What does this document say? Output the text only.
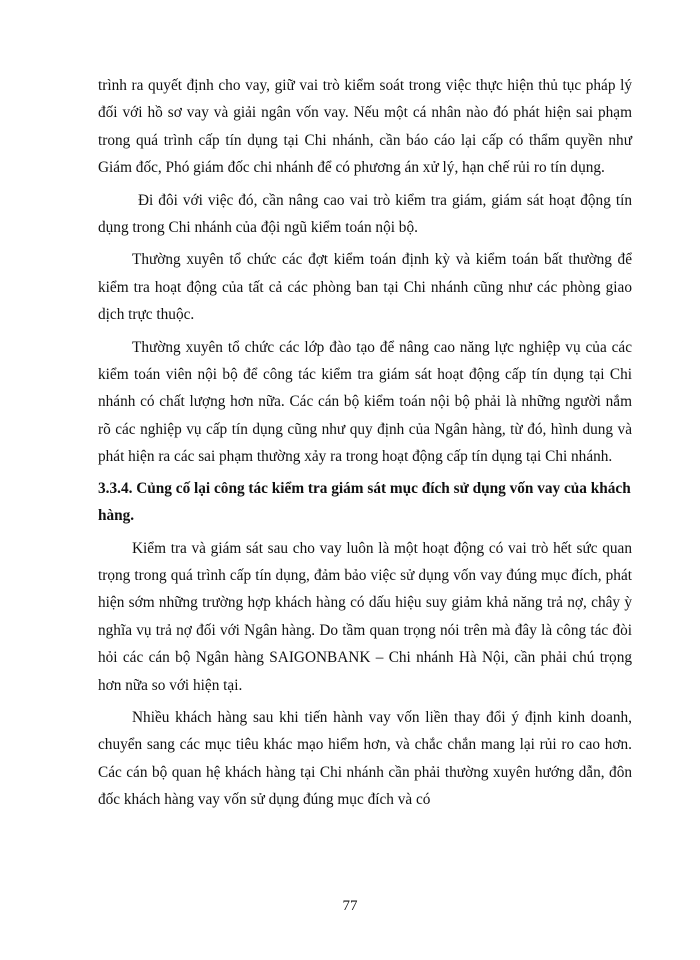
trình ra quyết định cho vay, giữ vai trò kiểm soát trong việc thực hiện thủ tục pháp lý đối với hồ sơ vay và giải ngân vốn vay. Nếu một cá nhân nào đó phát hiện sai phạm trong quá trình cấp tín dụng tại Chi nhánh, cần báo cáo lại cấp có thẩm quyền như Giám đốc, Phó giám đốc chi nhánh để có phương án xử lý, hạn chế rủi ro tín dụng.

Đi đôi với việc đó, cần nâng cao vai trò kiểm tra giám, giám sát hoạt động tín dụng trong Chi nhánh của đội ngũ kiểm toán nội bộ.

Thường xuyên tổ chức các đợt kiểm toán định kỳ và kiểm toán bất thường để kiểm tra hoạt động của tất cả các phòng ban tại Chi nhánh cũng như các phòng giao dịch trực thuộc.

Thường xuyên tổ chức các lớp đào tạo để nâng cao năng lực nghiệp vụ của các kiểm toán viên nội bộ để công tác kiểm tra giám sát hoạt động cấp tín dụng tại Chi nhánh có chất lượng hơn nữa. Các cán bộ kiểm toán nội bộ phải là những người nắm rõ các nghiệp vụ cấp tín dụng cũng như quy định của Ngân hàng, từ đó, hình dung và phát hiện ra các sai phạm thường xảy ra trong hoạt động cấp tín dụng tại Chi nhánh.

3.3.4. Củng cố lại công tác kiểm tra giám sát mục đích sử dụng vốn vay của khách hàng.

Kiểm tra và giám sát sau cho vay luôn là một hoạt động có vai trò hết sức quan trọng trong quá trình cấp tín dụng, đảm bảo việc sử dụng vốn vay đúng mục đích, phát hiện sớm những trường hợp khách hàng có dấu hiệu suy giảm khả năng trả nợ, chây ỳ nghĩa vụ trả nợ đối với Ngân hàng. Do tầm quan trọng nói trên mà đây là công tác đòi hỏi các cán bộ Ngân hàng SAIGONBANK – Chi nhánh Hà Nội, cần phải chú trọng hơn nữa so với hiện tại.

Nhiều khách hàng sau khi tiến hành vay vốn liền thay đổi ý định kinh doanh, chuyển sang các mục tiêu khác mạo hiểm hơn, và chắc chắn mang lại rủi ro cao hơn. Các cán bộ quan hệ khách hàng tại Chi nhánh cần phải thường xuyên hướng dẫn, đôn đốc khách hàng vay vốn sử dụng đúng mục đích và có

77
